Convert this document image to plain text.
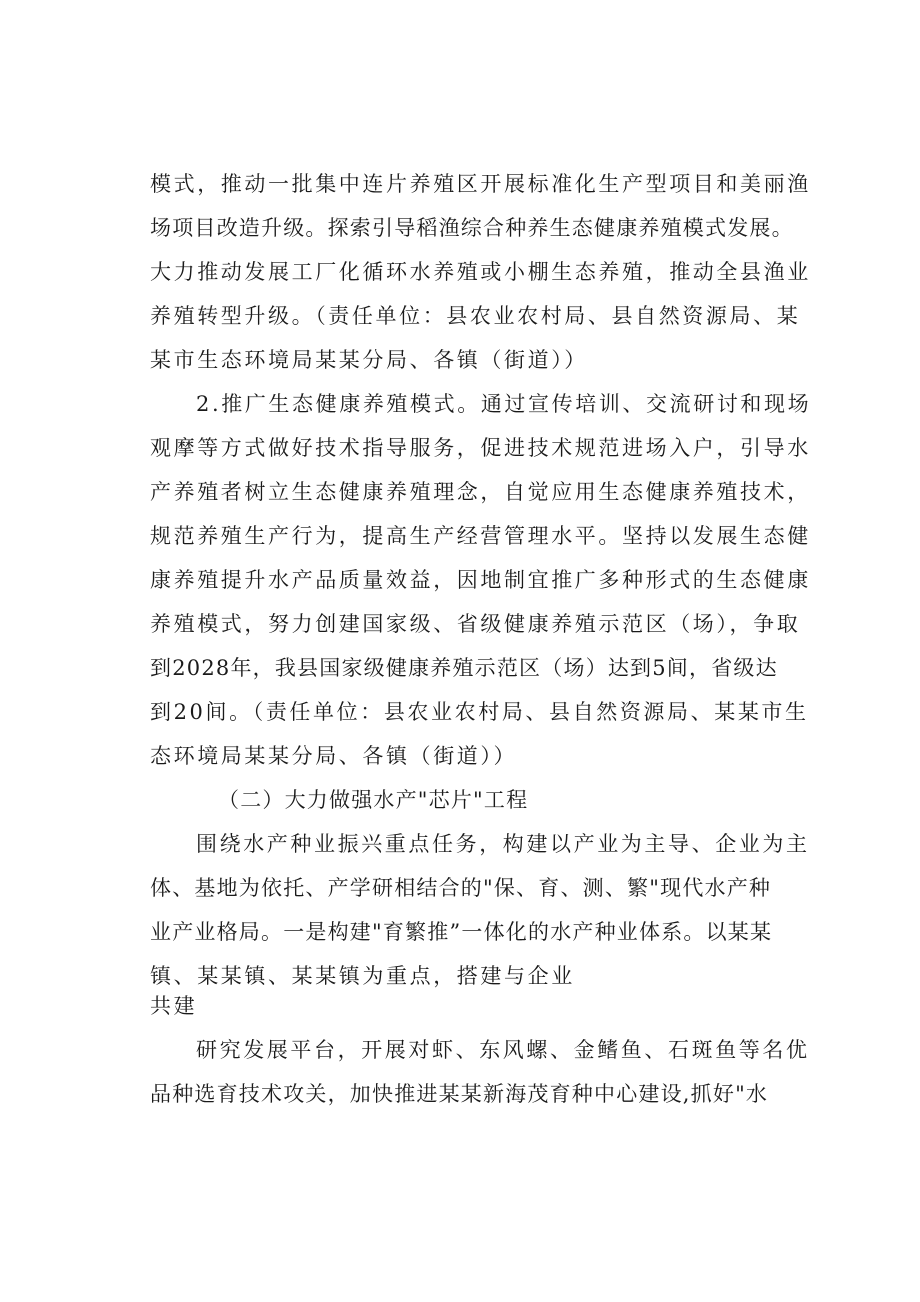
模式，推动一批集中连片养殖区开展标准化生产型项目和美丽渔

场项目改造升级。探索引导稻渔综合种养生态健康养殖模式发展。

大力推动发展工厂化循环水养殖或小棚生态养殖，推动全县渔业

养殖转型升级。（责任单位：县农业农村局、县自然资源局、某

某市生态环境局某某分局、各镇（街道））

2.推广生态健康养殖模式。通过宣传培训、交流研讨和现场

观摩等方式做好技术指导服务，促进技术规范进场入户，引导水

产养殖者树立生态健康养殖理念，自觉应用生态健康养殖技术，

规范养殖生产行为，提高生产经营管理水平。坚持以发展生态健

康养殖提升水产品质量效益，因地制宜推广多种形式的生态健康

养殖模式，努力创建国家级、省级健康养殖示范区（场），争取

到2028年，我县国家级健康养殖示范区（场）达到5间，省级达

到20间。（责任单位：县农业农村局、县自然资源局、某某市生

态环境局某某分局、各镇（街道））

（二）大力做强水产"芯片"工程

围绕水产种业振兴重点任务，构建以产业为主导、企业为主

体、基地为依托、产学研相结合的"保、育、测、繁"现代水产种

业产业格局。一是构建"育繁推”一体化的水产种业体系。以某某

镇、某某镇、某某镇为重点，搭建与企业

共建

研究发展平台，开展对虾、东风螺、金鳍鱼、石斑鱼等名优

品种选育技术攻关，加快推进某某新海茂育种中心建设,抓好"水
